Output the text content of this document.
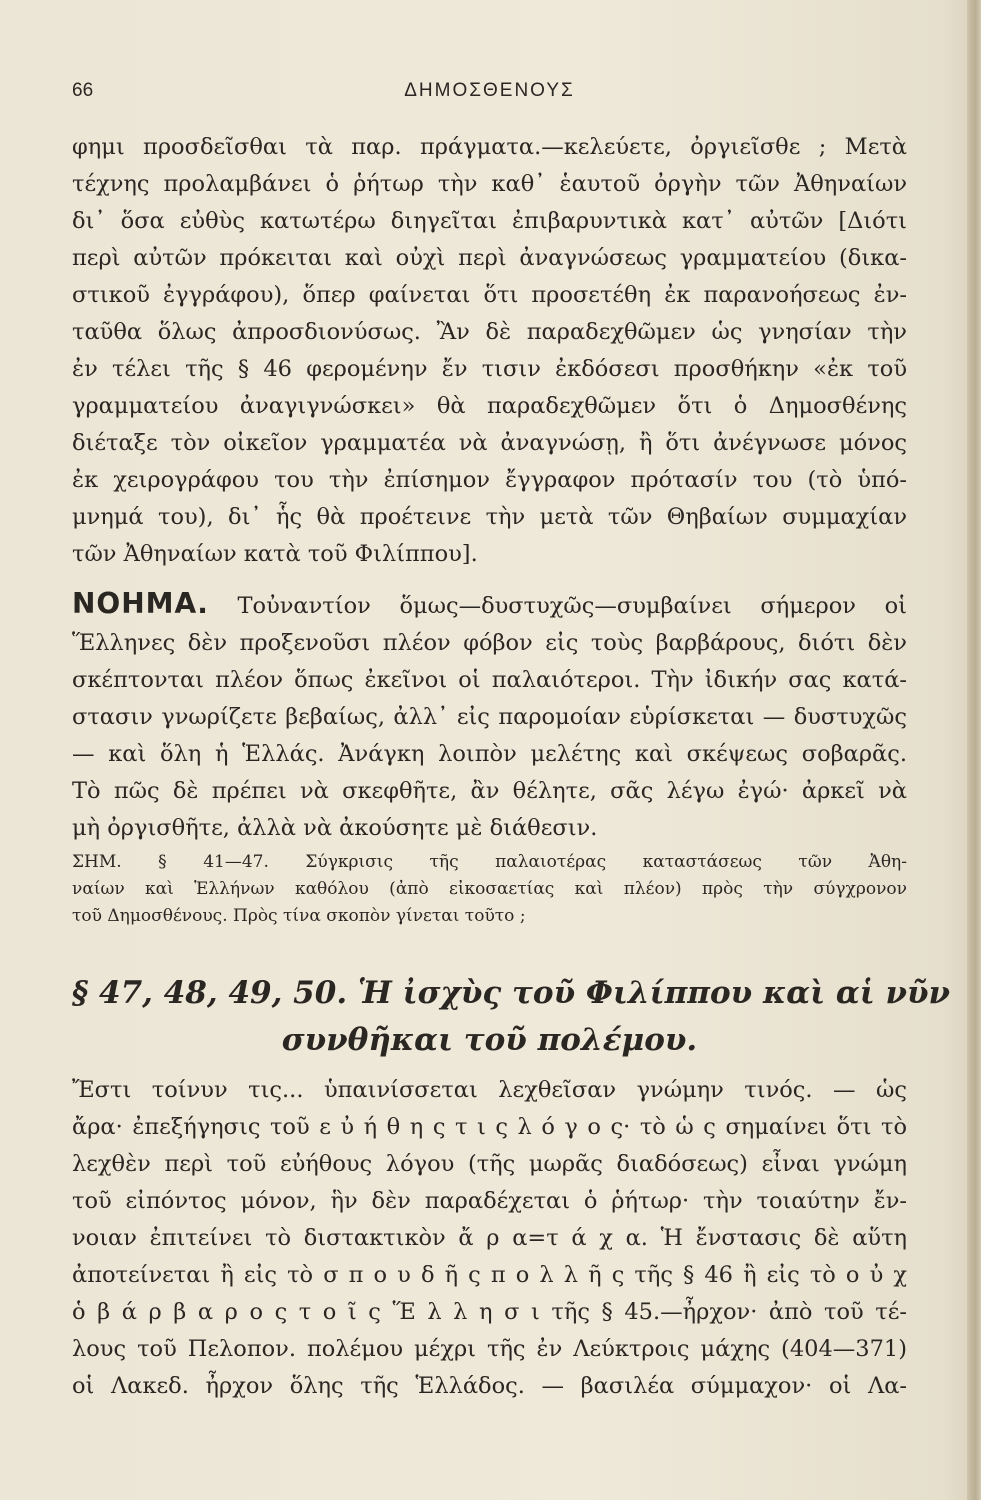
66	ΔΗΜΟΣΘΕΝΟΥΣ
φημι προσδεῖσθαι τὰ παρ. πράγματα.—κελεύετε, ὀργιεῖσθε ; Μετὰ
τέχνης προλαμβάνει ὁ ῥήτωρ τὴν καθ᾿ ἑαυτοῦ ὀργὴν τῶν Ἀθηναίων
δι᾿ ὅσα εὐθὺς κατωτέρω διηγεῖται ἐπιβαρυντικὰ κατ᾿ αὐτῶν [Διότι
περὶ αὐτῶν πρόκειται καὶ οὐχὶ περὶ ἀναγνώσεως γραμματείου (δικα-
στικοῦ ἐγγράφου), ὅπερ φαίνεται ὅτι προσετέθη ἐκ παρανοήσεως ἐν-
ταῦθα ὅλως ἀπροσδιονύσως. Ἂν δὲ παραδεχθῶμεν ὡς γνησίαν τὴν
ἐν τέλει τῆς § 46 φερομένην ἔν τισιν ἐκδόσεσι προσθήκην «ἐκ τοῦ
γραμματείου ἀναγιγνώσκει» θὰ παραδεχθῶμεν ὅτι ὁ Δημοσθένης
διέταξε τὸν οἰκεῖον γραμματέα νὰ ἀναγνώσῃ, ἢ ὅτι ἀνέγνωσε μόνος
ἐκ χειρογράφου του τὴν ἐπίσημον ἔγγραφον πρότασίν του (τὸ ὑπό-
μνημά του), δι᾿ ἧς θὰ προέτεινε τὴν μετὰ τῶν Θηβαίων συμμαχίαν
τῶν Ἀθηναίων κατὰ τοῦ Φιλίππου].
ΝΟΗΜΑ. Τοὐναντίον ὅμως—δυστυχῶς—συμβαίνει σήμερον οἱ
Ἕλληνες δὲν προξενοῦσι πλέον φόβον εἰς τοὺς βαρβάρους, διότι δὲν
σκέπτονται πλέον ὅπως ἐκεῖνοι οἱ παλαιότεροι. Τὴν ἰδικήν σας κατά-
στασιν γνωρίζετε βεβαίως, ἀλλ᾿ εἰς παρομοίαν εὑρίσκεται — δυστυχῶς
— καὶ ὅλη ἡ Ἑλλάς. Ἀνάγκη λοιπὸν μελέτης καὶ σκέψεως σοβαρᾶς.
Τὸ πῶς δὲ πρέπει νὰ σκεφθῆτε, ἂν θέλητε, σᾶς λέγω ἐγώ· ἀρκεῖ νὰ
μὴ ὀργισθῆτε, ἀλλὰ νὰ ἀκούσητε μὲ διάθεσιν.
ΣΗΜ. § 41—47. Σύγκρισις τῆς παλαιοτέρας καταστάσεως τῶν Ἀθη-
ναίων καὶ Ἑλλήνων καθόλου (ἀπὸ εἰκοσαετίας καὶ πλέον) πρὸς τὴν σύγχρονον
τοῦ Δημοσθένους. Πρὸς τίνα σκοπὸν γίνεται τοῦτο ;
§ 47, 48, 49, 50. Ἡ ἰσχὺς τοῦ Φιλίππου καὶ αἱ νῦν
συνθῆκαι τοῦ πολέμου.
Ἔστι τοίνυν τις... ὑπαινίσσεται λεχθεῖσαν γνώμην τινός. — ὡς
ἄρα· ἐπεξήγησις τοῦ ε ὐ ή θ η ς τ ι ς λ ό γ ο ς· τὸ ὡ ς σημαίνει ὅτι τὸ
λεχθὲν περὶ τοῦ εὐήθους λόγου (τῆς μωρᾶς διαδόσεως) εἶναι γνώμη
τοῦ εἰπόντος μόνον, ἣν δὲν παραδέχεται ὁ ῥήτωρ· τὴν τοιαύτην ἔν-
νοιαν ἐπιτείνει τὸ διστακτικὸν ἄ ρ α=τ ά χ α. Ἡ ἔνστασις δὲ αὕτη
ἀποτείνεται ἢ εἰς τὸ σ π ο υ δ ῆ ς π ο λ λ ῆ ς τῆς § 46 ἢ εἰς τὸ ο ὐ χ
ὁ β ά ρ β α ρ ο ς τ ο ῖ ς Ἕ λ λ η σ ι τῆς § 45.—ἦρχον· ἀπὸ τοῦ τέ-
λους τοῦ Πελοπον. πολέμου μέχρι τῆς ἐν Λεύκτροις μάχης (404—371)
οἱ Λακεδ. ἦρχον ὅλης τῆς Ἑλλάδος. — βασιλέα σύμμαχον· οἱ Λα-
